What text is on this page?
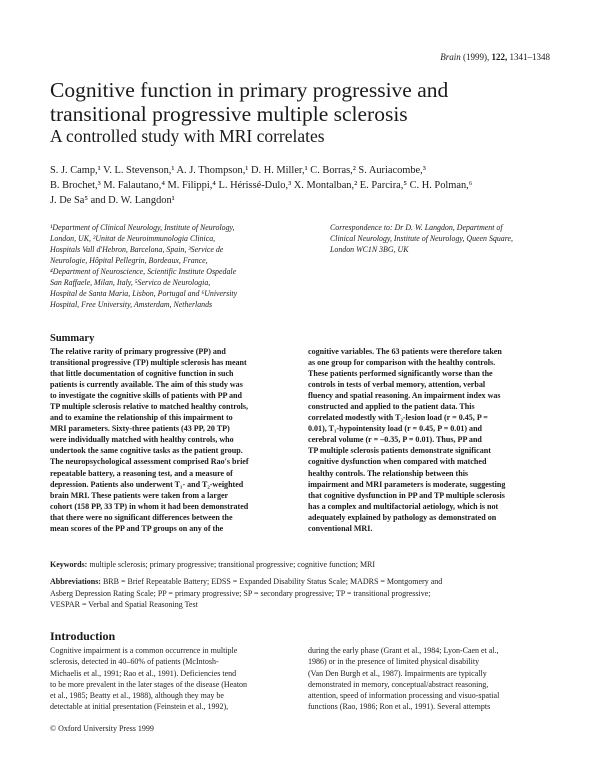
Brain (1999), 122, 1341–1348
Cognitive function in primary progressive and
transitional progressive multiple sclerosis
A controlled study with MRI correlates
S. J. Camp,¹ V. L. Stevenson,¹ A. J. Thompson,¹ D. H. Miller,¹ C. Borras,² S. Auriacombe,³
B. Brochet,³ M. Falautano,⁴ M. Filippi,⁴ L. Hérissé-Dulo,³ X. Montalban,² E. Parcira,⁵ C. H. Polman,⁶
J. De Sa⁵ and D. W. Langdon¹
¹Department of Clinical Neurology, Institute of Neurology,
London, UK, ²Unitat de Neuroimmunologia Clinica,
Hospitals Vall d'Hebron, Barcelona, Spain, ³Service de
Neurologie, Hôpital Pellegrin, Bordeaux, France,
⁴Department of Neuroscience, Scientific Institute Ospedale
San Raffaele, Milan, Italy, ⁵Servico de Neurologia,
Hospital de Santa Maria, Lisbon, Portugal and ⁶University
Hospital, Free University, Amsterdam, Netherlands
Correspondence to: Dr D. W. Langdon, Department of
Clinical Neurology, Institute of Neurology, Queen Square,
London WC1N 3BG, UK
Summary
The relative rarity of primary progressive (PP) and
transitional progressive (TP) multiple sclerosis has meant
that little documentation of cognitive function in such
patients is currently available. The aim of this study was
to investigate the cognitive skills of patients with PP and
TP multiple sclerosis relative to matched healthy controls,
and to examine the relationship of this impairment to
MRI parameters. Sixty-three patients (43 PP, 20 TP)
were individually matched with healthy controls, who
undertook the same cognitive tasks as the patient group.
The neuropsychological assessment comprised Rao's brief
repeatable battery, a reasoning test, and a measure of
depression. Patients also underwent T₁- and T₂-weighted
brain MRI. These patients were taken from a larger
cohort (158 PP, 33 TP) in whom it had been demonstrated
that there were no significant differences between the
mean scores of the PP and TP groups on any of the
cognitive variables. The 63 patients were therefore taken
as one group for comparison with the healthy controls.
These patients performed significantly worse than the
controls in tests of verbal memory, attention, verbal
fluency and spatial reasoning. An impairment index was
constructed and applied to the patient data. This
correlated modestly with T₂-lesion load (r = 0.45, P =
0.01), T₁-hypointensity load (r = 0.45, P = 0.01) and
cerebral volume (r = –0.35, P = 0.01). Thus, PP and
TP multiple sclerosis patients demonstrate significant
cognitive dysfunction when compared with matched
healthy controls. The relationship between this
impairment and MRI parameters is moderate, suggesting
that cognitive dysfunction in PP and TP multiple sclerosis
has a complex and multifactorial aetiology, which is not
adequately explained by pathology as demonstrated on
conventional MRI.
Keywords: multiple sclerosis; primary progressive; transitional progressive; cognitive function; MRI
Abbreviations: BRB = Brief Repeatable Battery; EDSS = Expanded Disability Status Scale; MADRS = Montgomery and
Asberg Depression Rating Scale; PP = primary progressive; SP = secondary progressive; TP = transitional progressive;
VESPAR = Verbal and Spatial Reasoning Test
Introduction
Cognitive impairment is a common occurrence in multiple
sclerosis, detected in 40–60% of patients (McIntosh-
Michaelis et al., 1991; Rao et al., 1991). Deficiencies tend
to be more prevalent in the later stages of the disease (Heaton
et al., 1985; Beatty et al., 1988), although they may be
detectable at initial presentation (Feinstein et al., 1992),
during the early phase (Grant et al., 1984; Lyon-Caen et al.,
1986) or in the presence of limited physical disability
(Van Den Burgh et al., 1987). Impairments are typically
demonstrated in memory, conceptual/abstract reasoning,
attention, speed of information processing and visuo-spatial
functions (Rao, 1986; Ron et al., 1991). Several attempts
© Oxford University Press 1999
